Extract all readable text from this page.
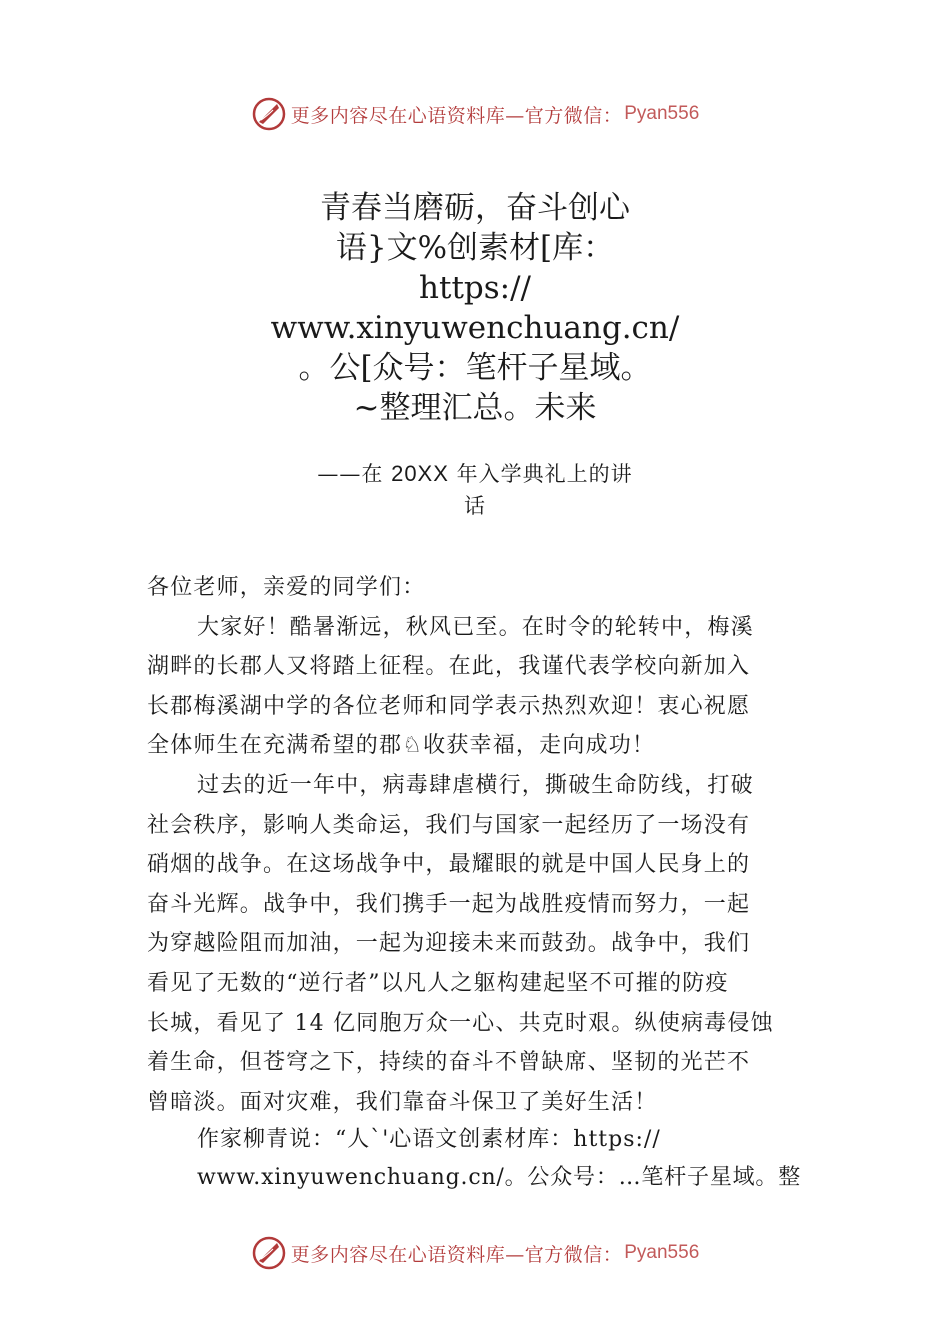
更多内容尽在心语资料库—官方微信： Pyan556
青春当磨砺，奋斗创心
语}文%创素材[库：
https://
www.xinyuwenchuang.cn/
。公[众号：笔杆子星域。
~整理汇总。未来
——在 20XX 年入学典礼上的讲
话
各位老师，亲爱的同学们：
大家好！酷暑渐远，秋风已至。在时令的轮转中，梅溪
湖畔的长郡人又将踏上征程。在此，我谨代表学校向新加入
长郡梅溪湖中学的各位老师和同学表示热烈欢迎！衷心祝愿
全体师生在充满希望的郡♘收获幸福，走向成功！
过去的近一年中，病毒肆虐横行，撕破生命防线，打破
社会秩序，影响人类命运，我们与国家一起经历了一场没有
硝烟的战争。在这场战争中，最耀眼的就是中国人民身上的
奋斗光辉。战争中，我们携手一起为战胜疫情而努力，一起
为穿越险阻而加油，一起为迎接未来而鼓劲。战争中，我们
看见了无数的“逆行者”以凡人之躯构建起坚不可摧的防疫
长城，看见了 14 亿同胞万众一心、共克时艰。纵使病毒侵蚀
着生命，但苍穹之下，持续的奋斗不曾缺席、坚韧的光芒不
曾暗淡。面对灾难，我们靠奋斗保卫了美好生活！
作家柳青说：“人`'心语文创素材库：https://
www.xinyuwenchuang.cn/。公众号：…笔杆子星域。整
更多内容尽在心语资料库—官方微信： Pyan556
